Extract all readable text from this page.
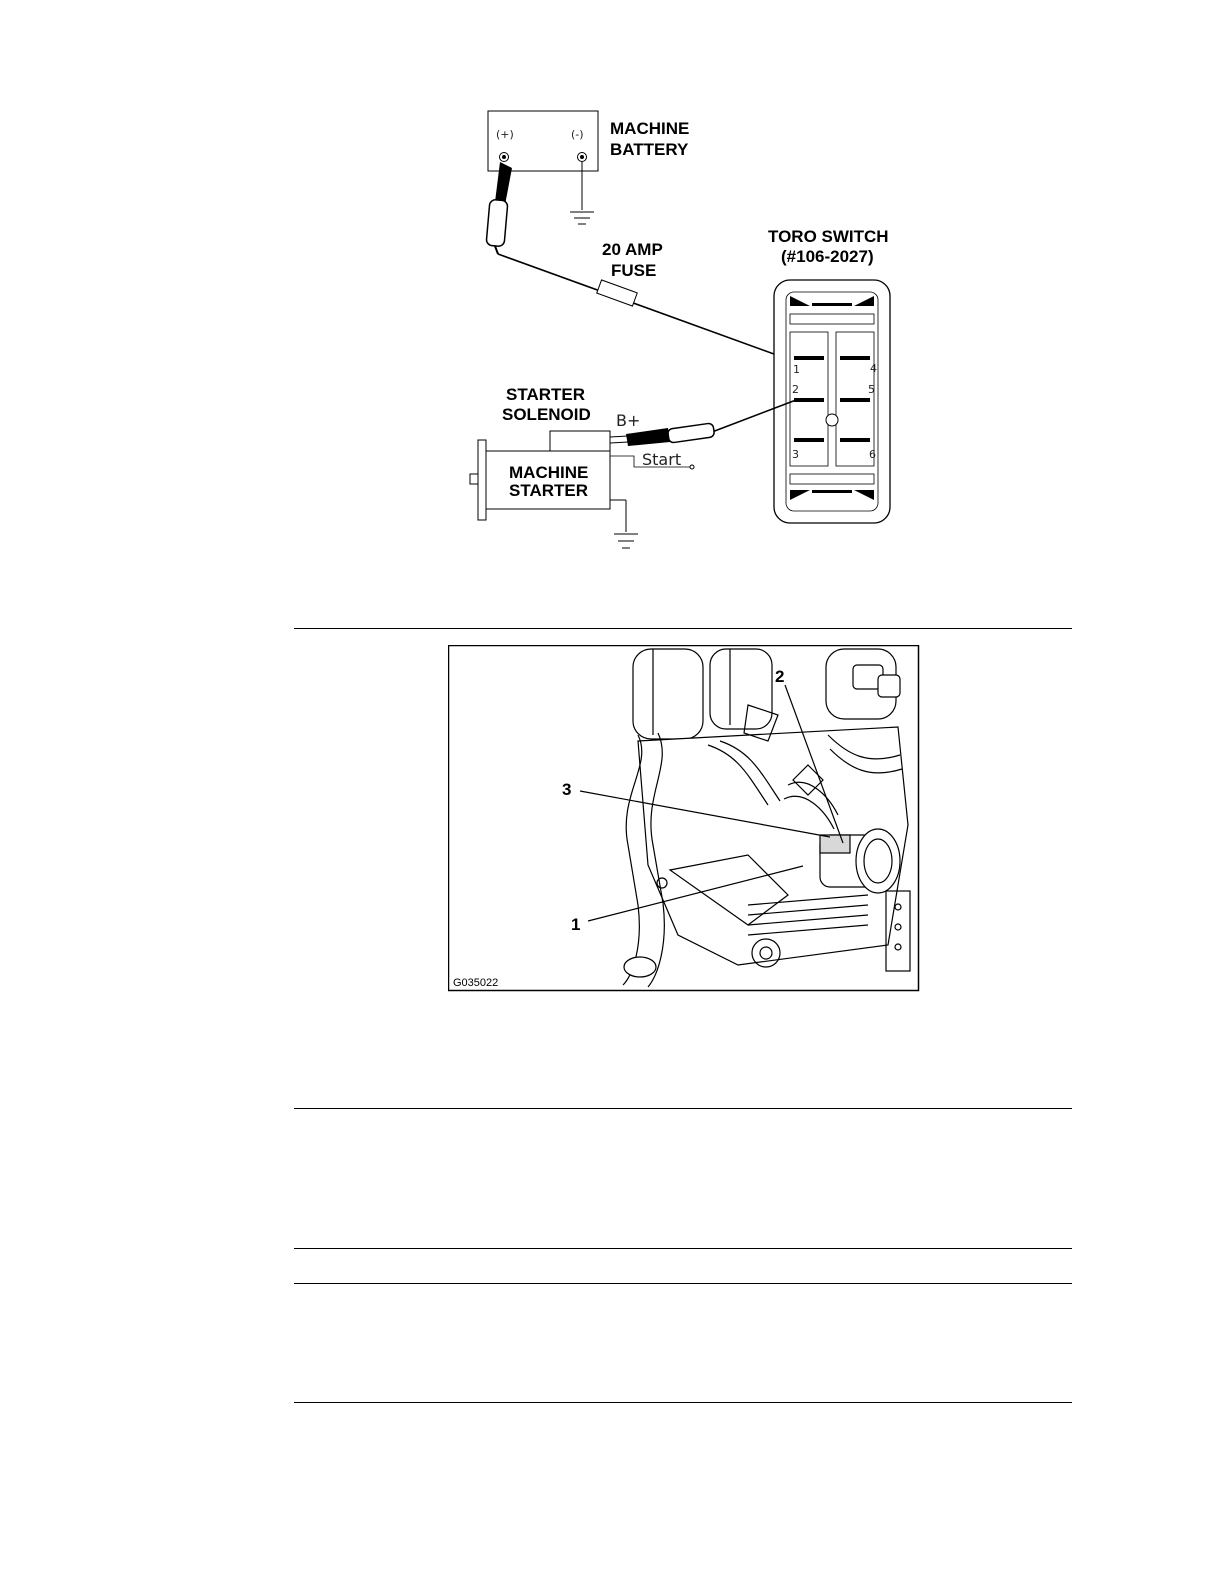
(+)	(-) MACHINE
BATTERY
20 AMP
FUSE
TORO SWITCH
(#106-2027)
1
2
3
4
5
6
STARTER
SOLENOID B+
Start
MACHINE
STARTER
1
2
3
G035022
